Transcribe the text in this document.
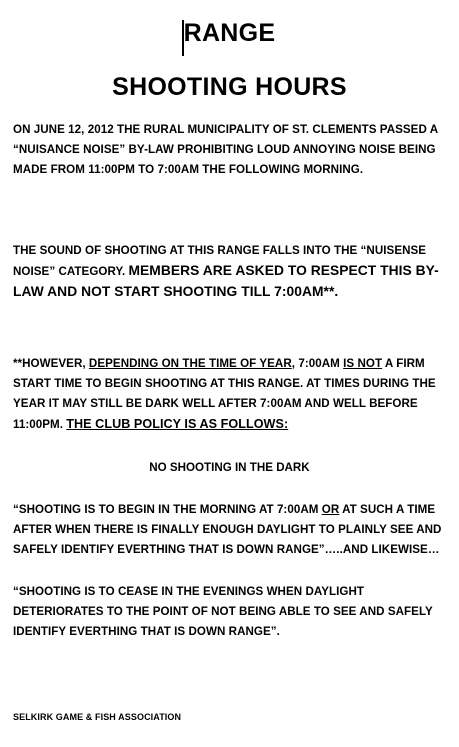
RANGE
SHOOTING HOURS
ON JUNE 12, 2012 THE RURAL MUNICIPALITY OF ST. CLEMENTS PASSED A “NUISANCE NOISE” BY-LAW PROHIBITING LOUD ANNOYING NOISE BEING MADE FROM 11:00PM TO 7:00AM THE FOLLOWING MORNING.
THE SOUND OF SHOOTING AT THIS RANGE FALLS INTO THE “NUISENSE NOISE” CATEGORY. MEMBERS ARE ASKED TO RESPECT THIS BY-LAW AND NOT START SHOOTING TILL 7:00AM**.
**HOWEVER, DEPENDING ON THE TIME OF YEAR, 7:00AM IS NOT A FIRM START TIME TO BEGIN SHOOTING AT THIS RANGE. AT TIMES DURING THE YEAR IT MAY STILL BE DARK WELL AFTER 7:00AM AND WELL BEFORE 11:00PM. THE CLUB POLICY IS AS FOLLOWS:
NO SHOOTING IN THE DARK
“SHOOTING IS TO BEGIN IN THE MORNING AT 7:00AM OR AT SUCH A TIME AFTER WHEN THERE IS FINALLY ENOUGH DAYLIGHT TO PLAINLY SEE AND SAFELY IDENTIFY EVERTHING THAT IS DOWN RANGE”…..AND LIKEWISE…
“SHOOTING IS TO CEASE IN THE EVENINGS WHEN DAYLIGHT DETERIORATES TO THE POINT OF NOT BEING ABLE TO SEE AND SAFELY IDENTIFY EVERTHING THAT IS DOWN RANGE”.
SELKIRK GAME & FISH ASSOCIATION
